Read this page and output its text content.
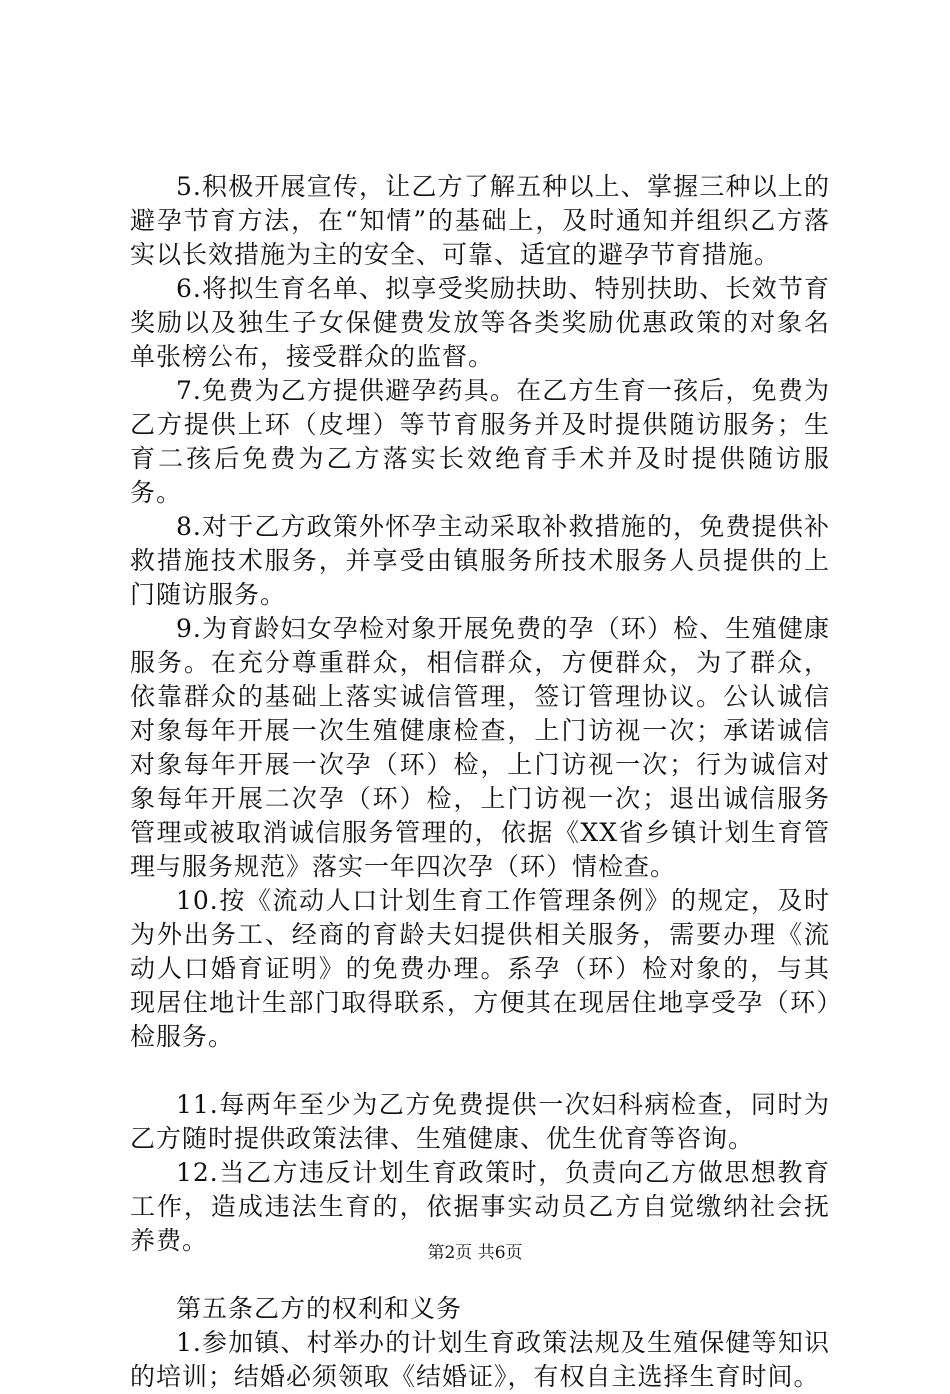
5.积极开展宣传，让乙方了解五种以上、掌握三种以上的避孕节育方法，在“知情”的基础上，及时通知并组织乙方落实以长效措施为主的安全、可靠、适宜的避孕节育措施。

6.将拟生育名单、拟享受奖励扶助、特别扶助、长效节育奖励以及独生子女保健费发放等各类奖励优惠政策的对象名单张榜公布，接受群众的监督。

7.免费为乙方提供避孕药具。在乙方生育一孩后，免费为乙方提供上环（皮埋）等节育服务并及时提供随访服务；生育二孩后免费为乙方落实长效绝育手术并及时提供随访服务。

8.对于乙方政策外怀孕主动采取补救措施的，免费提供补救措施技术服务，并享受由镇服务所技术服务人员提供的上门随访服务。

9.为育龄妇女孕检对象开展免费的孕（环）检、生殖健康服务。在充分尊重群众，相信群众，方便群众，为了群众，依靠群众的基础上落实诚信管理，签订管理协议。公认诚信对象每年开展一次生殖健康检查，上门访视一次；承诺诚信对象每年开展一次孕（环）检，上门访视一次；行为诚信对象每年开展二次孕（环）检，上门访视一次；退出诚信服务管理或被取消诚信服务管理的，依据《XX省乡镇计划生育管理与服务规范》落实一年四次孕（环）情检查。

10.按《流动人口计划生育工作管理条例》的规定，及时为外出务工、经商的育龄夫妇提供相关服务，需要办理《流动人口婚育证明》的免费办理。系孕（环）检对象的，与其现居住地计生部门取得联系，方便其在现居住地享受孕（环）检服务。

11.每两年至少为乙方免费提供一次妇科病检查，同时为乙方随时提供政策法律、生殖健康、优生优育等咨询。

12.当乙方违反计划生育政策时，负责向乙方做思想教育工作，造成违法生育的，依据事实动员乙方自觉缴纳社会抚养费。

第五条乙方的权利和义务

1.参加镇、村举办的计划生育政策法规及生殖保健等知识的培训；结婚必须领取《结婚证》，有权自主选择生育时间。

第2页 共6页
